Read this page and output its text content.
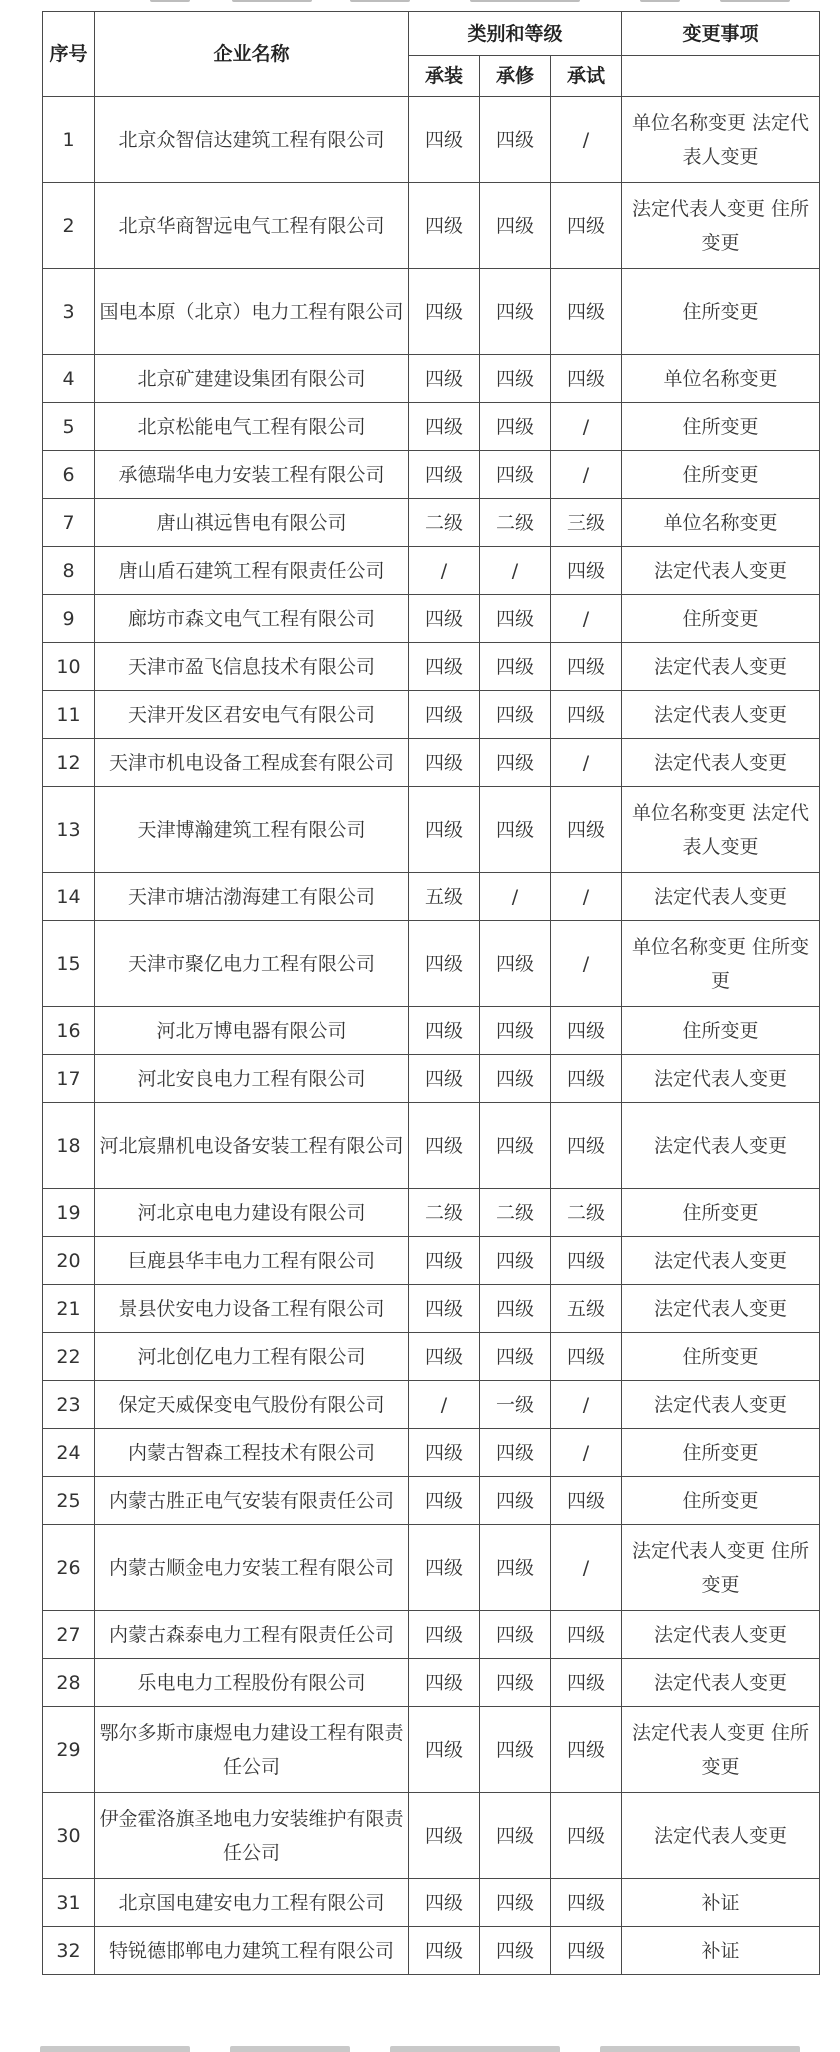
序号	企业名称	类别和等级			变更事项
		承装	承修	承试	
1	北京众智信达建筑工程有限公司	四级	四级	/	单位名称变更 法定代表人变更
2	北京华商智远电气工程有限公司	四级	四级	四级	法定代表人变更 住所变更
3	国电本原（北京）电力工程有限公司	四级	四级	四级	住所变更
4	北京矿建建设集团有限公司	四级	四级	四级	单位名称变更
5	北京松能电气工程有限公司	四级	四级	/	住所变更
6	承德瑞华电力安装工程有限公司	四级	四级	/	住所变更
7	唐山祺远售电有限公司	二级	二级	三级	单位名称变更
8	唐山盾石建筑工程有限责任公司	/	/	四级	法定代表人变更
9	廊坊市森文电气工程有限公司	四级	四级	/	住所变更
10	天津市盈飞信息技术有限公司	四级	四级	四级	法定代表人变更
11	天津开发区君安电气有限公司	四级	四级	四级	法定代表人变更
12	天津市机电设备工程成套有限公司	四级	四级	/	法定代表人变更
13	天津博瀚建筑工程有限公司	四级	四级	四级	单位名称变更 法定代表人变更
14	天津市塘沽渤海建工有限公司	五级	/	/	法定代表人变更
15	天津市聚亿电力工程有限公司	四级	四级	/	单位名称变更 住所变更
16	河北万博电器有限公司	四级	四级	四级	住所变更
17	河北安良电力工程有限公司	四级	四级	四级	法定代表人变更
18	河北宸鼎机电设备安装工程有限公司	四级	四级	四级	法定代表人变更
19	河北京电电力建设有限公司	二级	二级	二级	住所变更
20	巨鹿县华丰电力工程有限公司	四级	四级	四级	法定代表人变更
21	景县伏安电力设备工程有限公司	四级	四级	五级	法定代表人变更
22	河北创亿电力工程有限公司	四级	四级	四级	住所变更
23	保定天威保变电气股份有限公司	/	一级	/	法定代表人变更
24	内蒙古智森工程技术有限公司	四级	四级	/	住所变更
25	内蒙古胜正电气安装有限责任公司	四级	四级	四级	住所变更
26	内蒙古顺金电力安装工程有限公司	四级	四级	/	法定代表人变更 住所变更
27	内蒙古森泰电力工程有限责任公司	四级	四级	四级	法定代表人变更
28	乐电电力工程股份有限公司	四级	四级	四级	法定代表人变更
29	鄂尔多斯市康煜电力建设工程有限责任公司	四级	四级	四级	法定代表人变更 住所变更
30	伊金霍洛旗圣地电力安装维护有限责任公司	四级	四级	四级	法定代表人变更
31	北京国电建安电力工程有限公司	四级	四级	四级	补证
32	特锐德邯郸电力建筑工程有限公司	四级	四级	四级	补证
